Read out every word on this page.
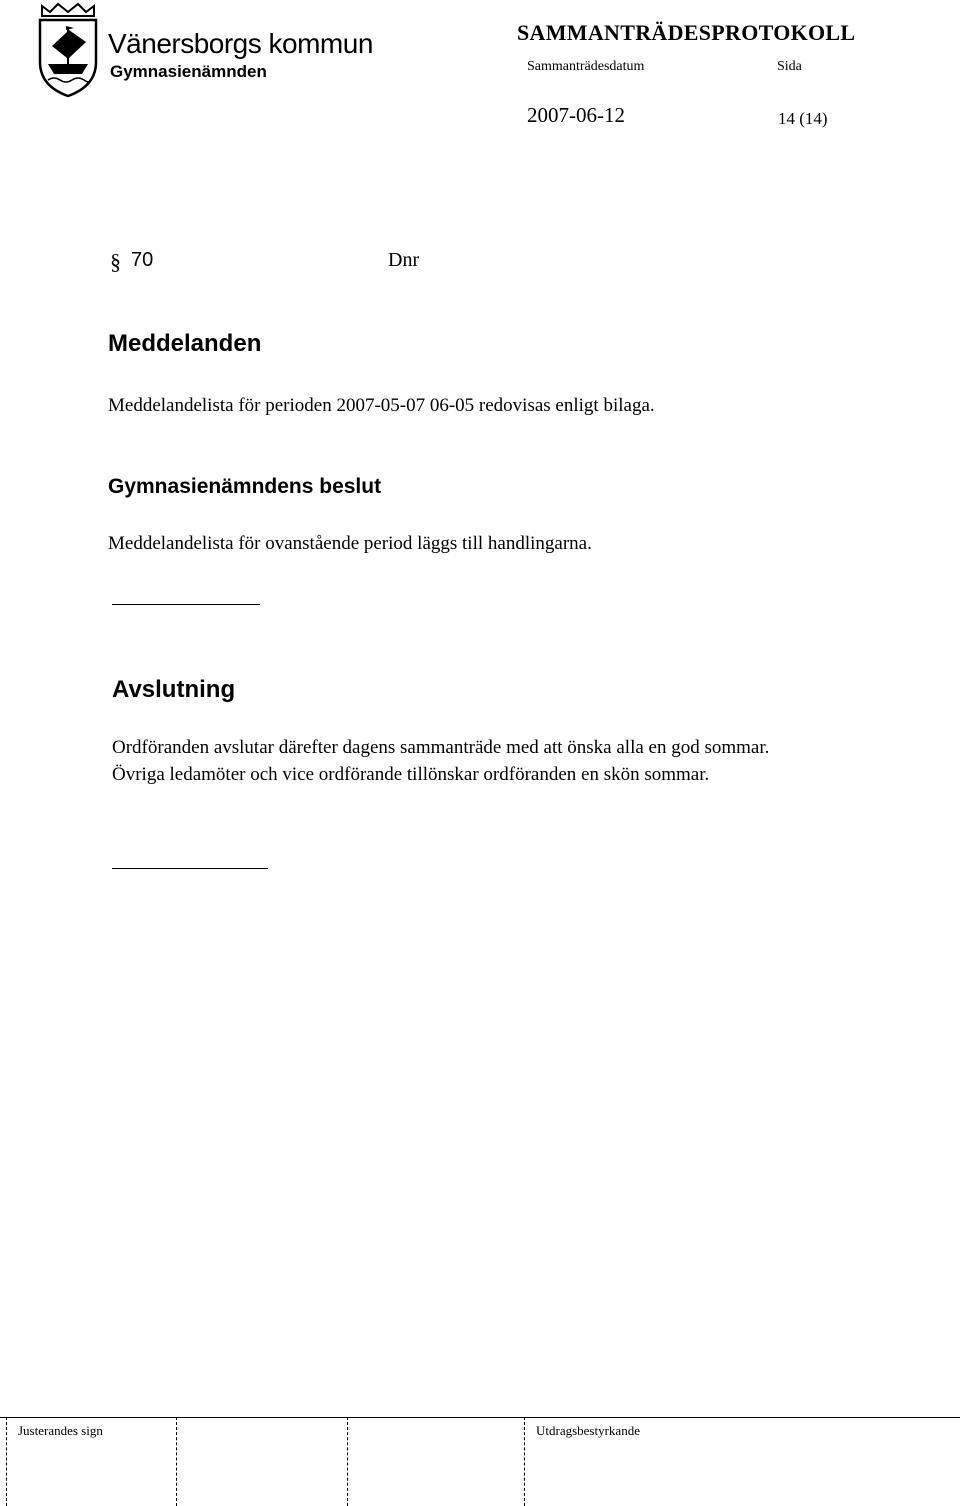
Vänersborgs kommun
Gymnasienämnden
SAMMANTRÄDESPROTOKOLL
Sammanträdesdatum	Sida
2007-06-12	14 (14)
§ 70	Dnr
Meddelanden
Meddelandelista för perioden 2007-05-07 06-05 redovisas enligt bilaga.
Gymnasienämndens beslut
Meddelandelista för ovanstående period läggs till handlingarna.
Avslutning
Ordföranden avslutar därefter dagens sammanträde med att önska alla en god sommar.
Övriga ledamöter och vice ordförande tillönskar ordföranden en skön sommar.
Justerandes sign	Utdragsbestyrkande
